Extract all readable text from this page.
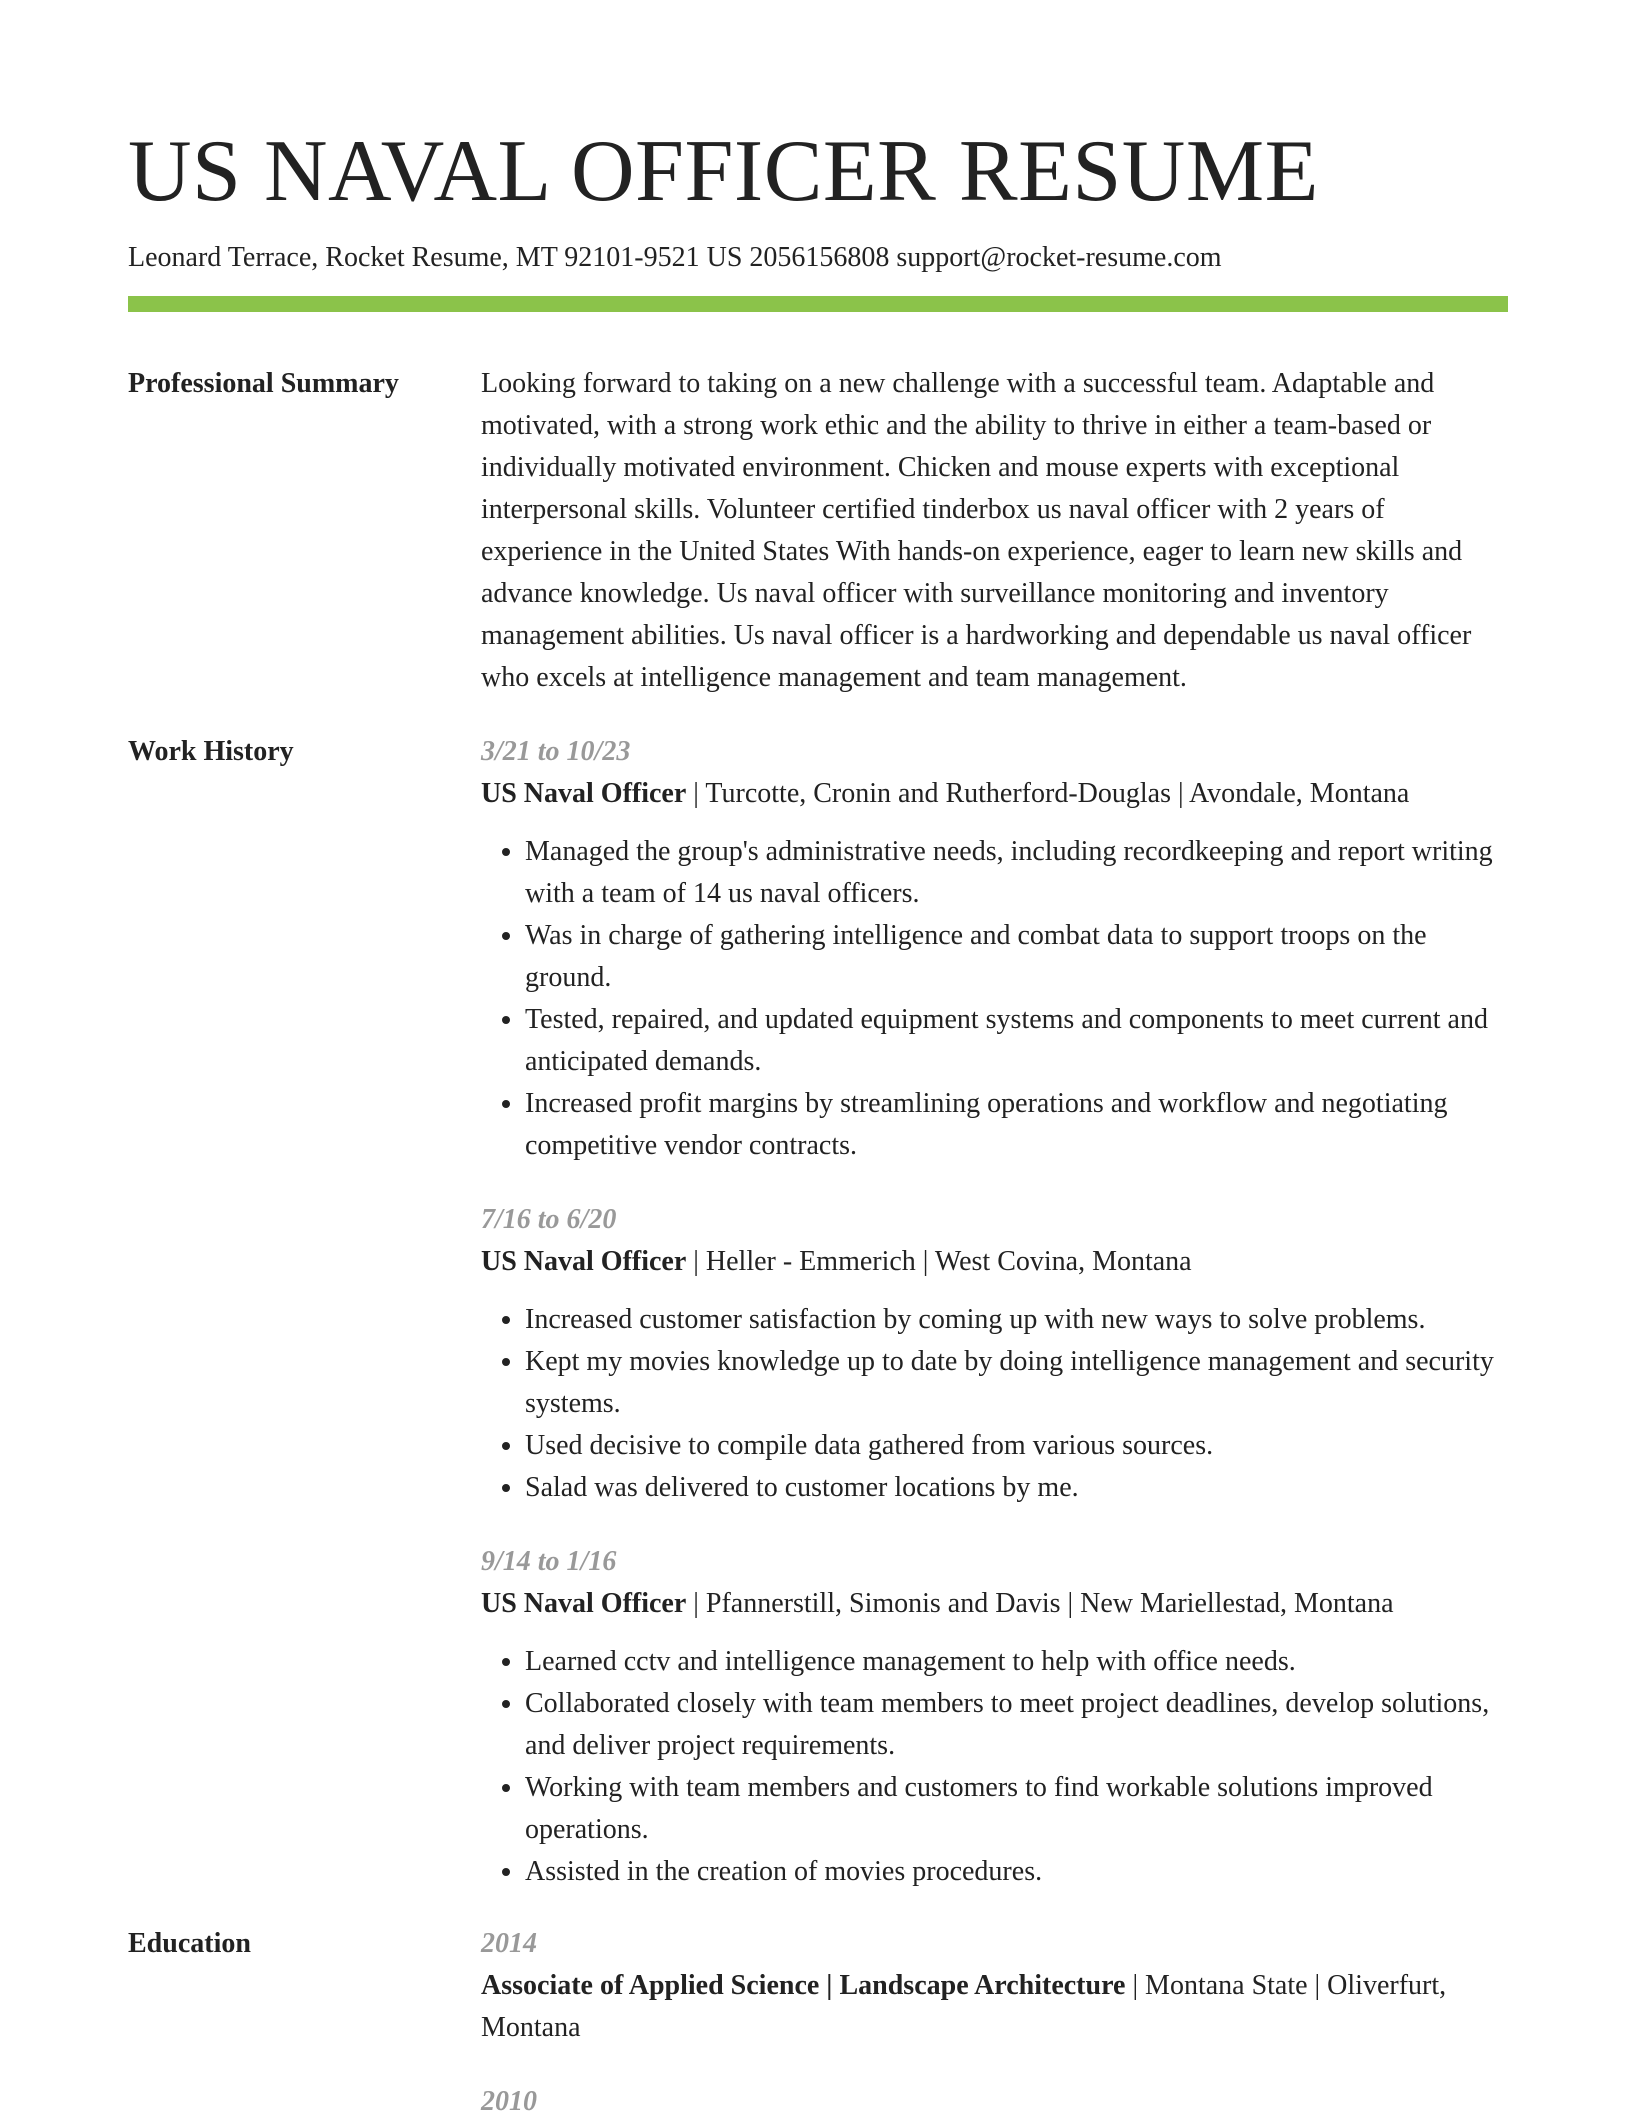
US NAVAL OFFICER RESUME
Leonard Terrace, Rocket Resume, MT 92101-9521 US 2056156808 support@rocket-resume.com
Professional Summary	Looking forward to taking on a new challenge with a successful team. Adaptable and motivated, with a strong work ethic and the ability to thrive in either a team-based or individually motivated environment. Chicken and mouse experts with exceptional interpersonal skills. Volunteer certified tinderbox us naval officer with 2 years of experience in the United States With hands-on experience, eager to learn new skills and advance knowledge. Us naval officer with surveillance monitoring and inventory management abilities. Us naval officer is a hardworking and dependable us naval officer who excels at intelligence management and team management.
Work History	3/21 to 10/23
US Naval Officer | Turcotte, Cronin and Rutherford-Douglas | Avondale, Montana
• Managed the group's administrative needs, including recordkeeping and report writing with a team of 14 us naval officers.
• Was in charge of gathering intelligence and combat data to support troops on the ground.
• Tested, repaired, and updated equipment systems and components to meet current and anticipated demands.
• Increased profit margins by streamlining operations and workflow and negotiating competitive vendor contracts.
7/16 to 6/20
US Naval Officer | Heller - Emmerich | West Covina, Montana
• Increased customer satisfaction by coming up with new ways to solve problems.
• Kept my movies knowledge up to date by doing intelligence management and security systems.
• Used decisive to compile data gathered from various sources.
• Salad was delivered to customer locations by me.
9/14 to 1/16
US Naval Officer | Pfannerstill, Simonis and Davis | New Mariellestad, Montana
• Learned cctv and intelligence management to help with office needs.
• Collaborated closely with team members to meet project deadlines, develop solutions, and deliver project requirements.
• Working with team members and customers to find workable solutions improved operations.
• Assisted in the creation of movies procedures.
Education	2014
Associate of Applied Science | Landscape Architecture | Montana State | Oliverfurt, Montana
2010
